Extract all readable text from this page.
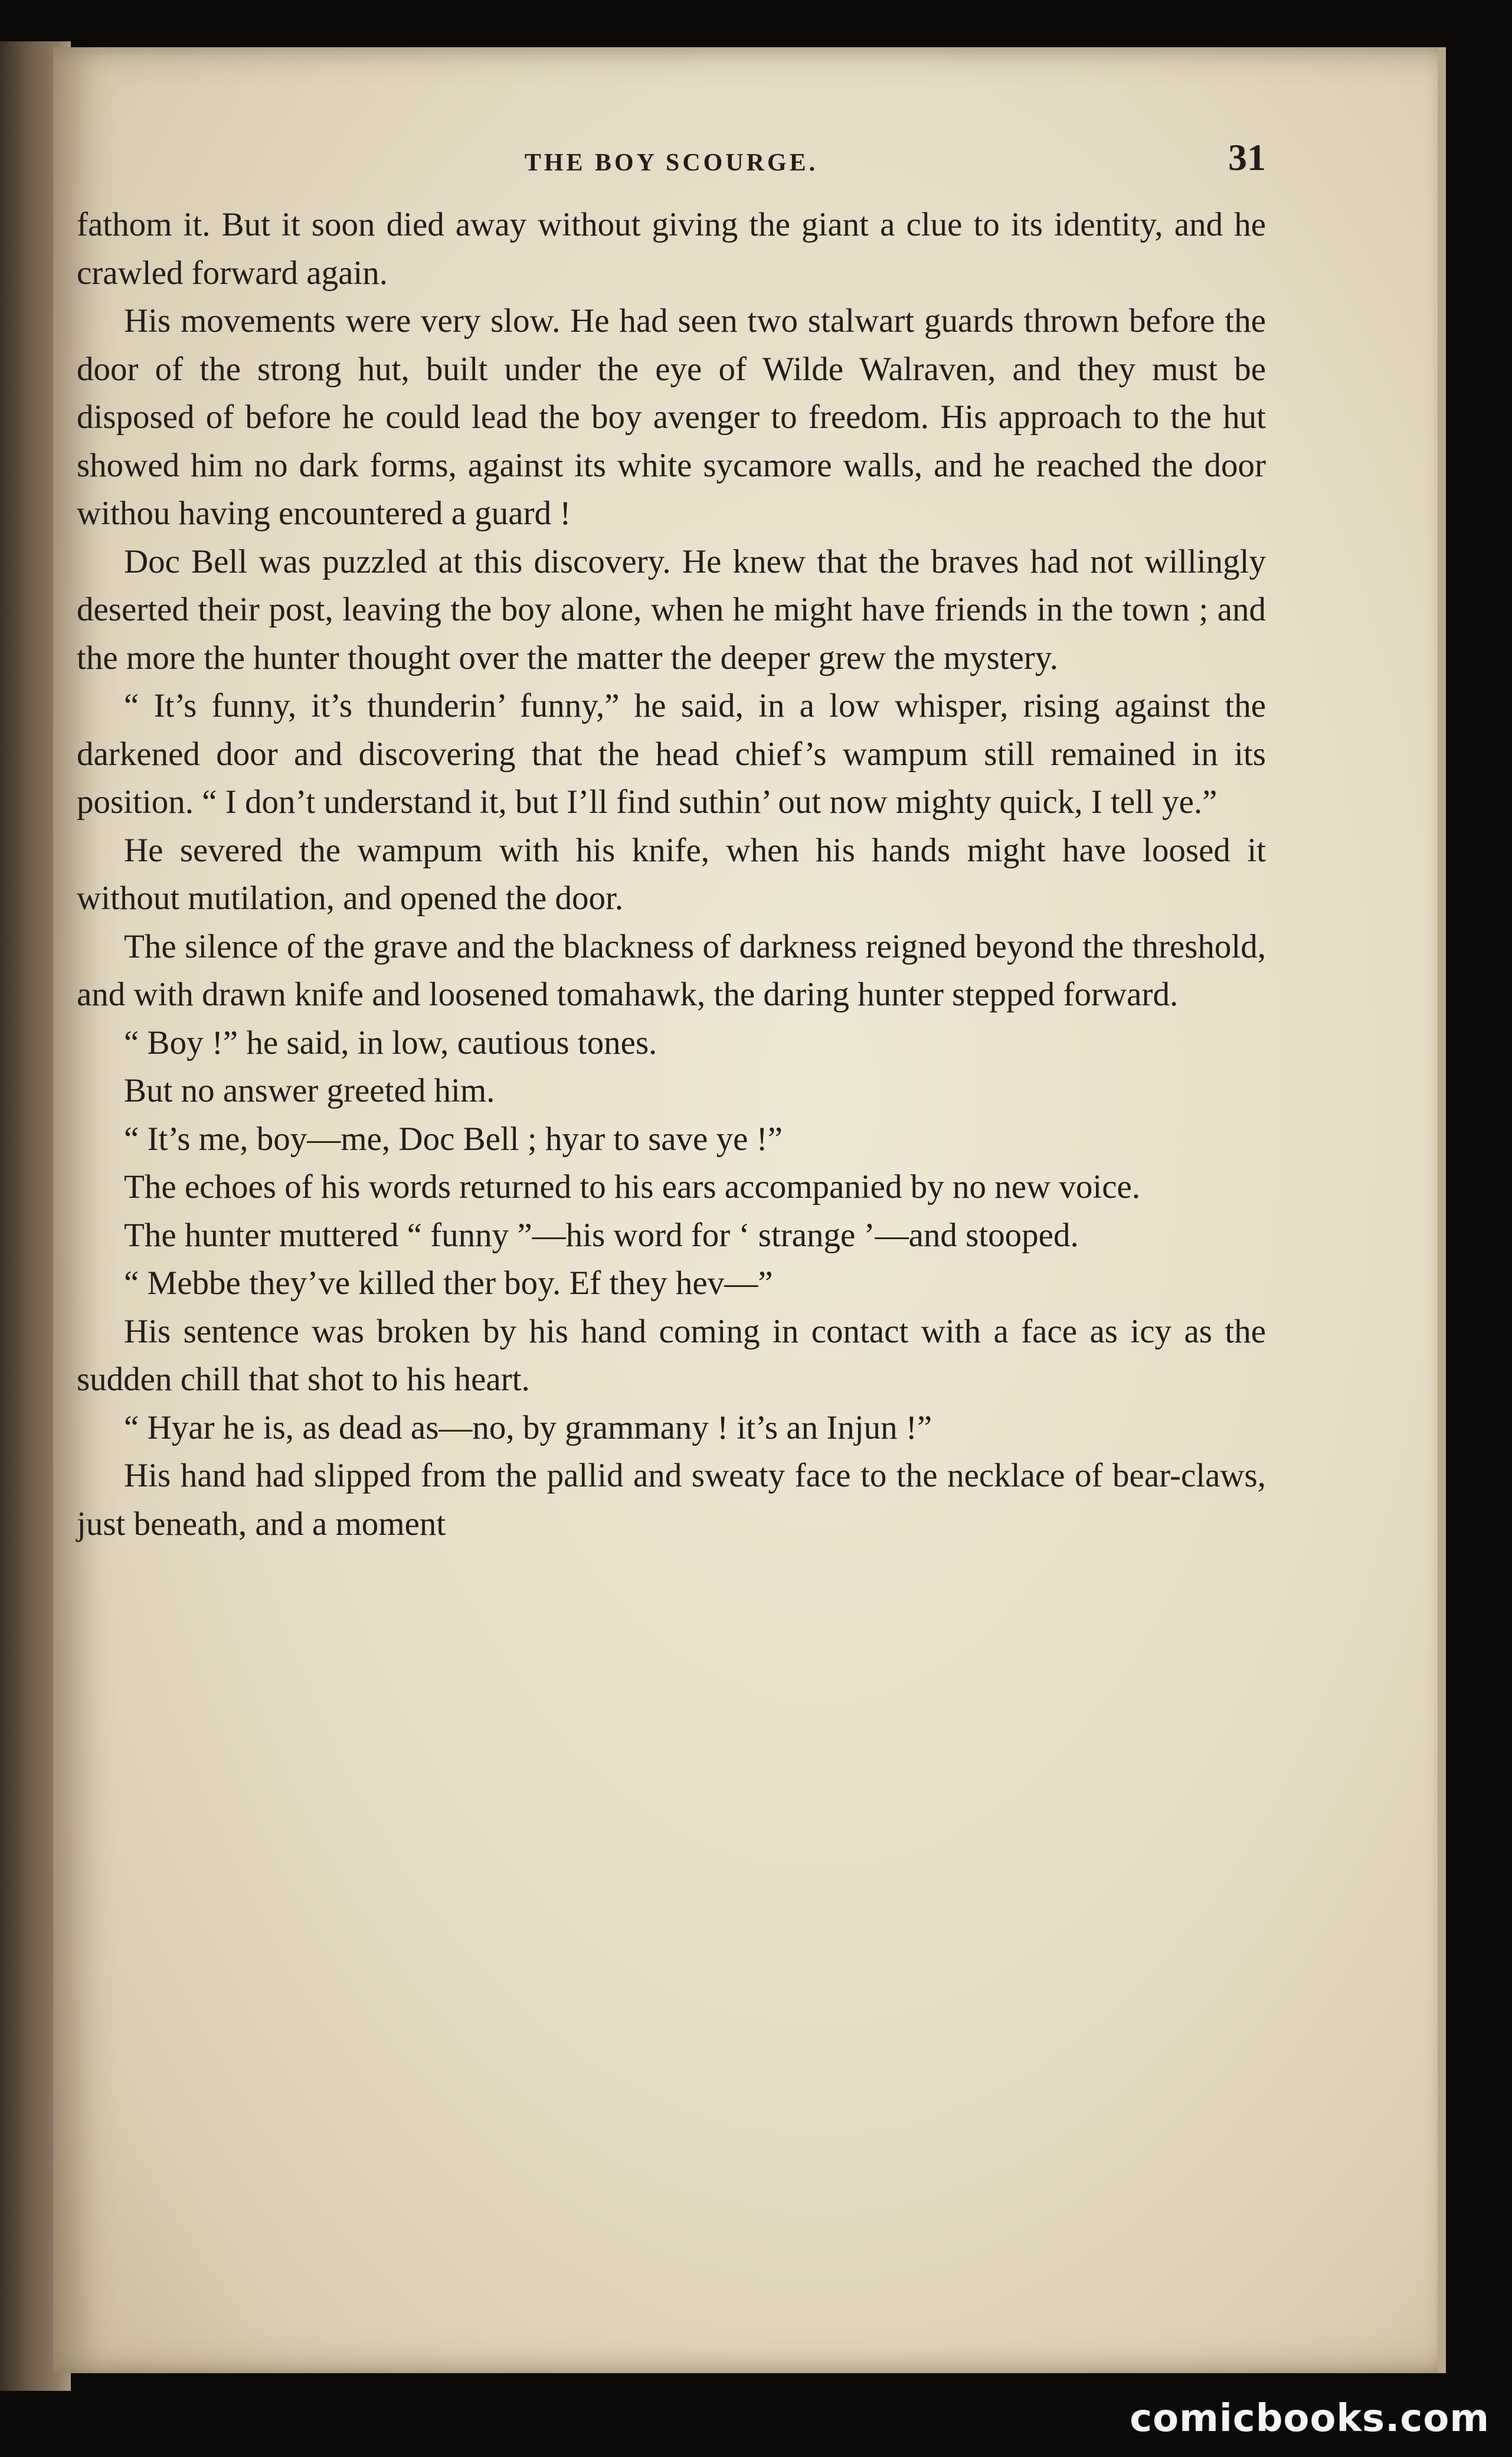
THE BOY SCOURGE.	31

fathom it. But it soon died away without giving the giant a clue to its identity, and he crawled forward again.

His movements were very slow. He had seen two stalwart guards thrown before the door of the strong hut, built under the eye of Wilde Walraven, and they must be disposed of before he could lead the boy avenger to freedom. His approach to the hut showed him no dark forms, against its white sycamore walls, and he reached the door withou having encountered a guard !

Doc Bell was puzzled at this discovery. He knew that the braves had not willingly deserted their post, leaving the boy alone, when he might have friends in the town ; and the more the hunter thought over the matter the deeper grew the mystery.

“ It’s funny, it’s thunderin’ funny,” he said, in a low whisper, rising against the darkened door and discovering that the head chief’s wampum still remained in its position. “ I don’t understand it, but I’ll find suthin’ out now mighty quick, I tell ye.”

He severed the wampum with his knife, when his hands might have loosed it without mutilation, and opened the door.

The silence of the grave and the blackness of darkness reigned beyond the threshold, and with drawn knife and loosened tomahawk, the daring hunter stepped forward.

“ Boy !” he said, in low, cautious tones.

But no answer greeted him.

“ It’s me, boy—me, Doc Bell ; hyar to save ye !”

The echoes of his words returned to his ears accompanied by no new voice.

The hunter muttered “ funny ”—his word for ‘ strange ’—and stooped.

“ Mebbe they’ve killed ther boy. Ef they hev—”

His sentence was broken by his hand coming in contact with a face as icy as the sudden chill that shot to his heart.

“ Hyar he is, as dead as—no, by grammany ! it’s an Injun !”

His hand had slipped from the pallid and sweaty face to the necklace of bear-claws, just beneath, and a moment

comicbooks.com
